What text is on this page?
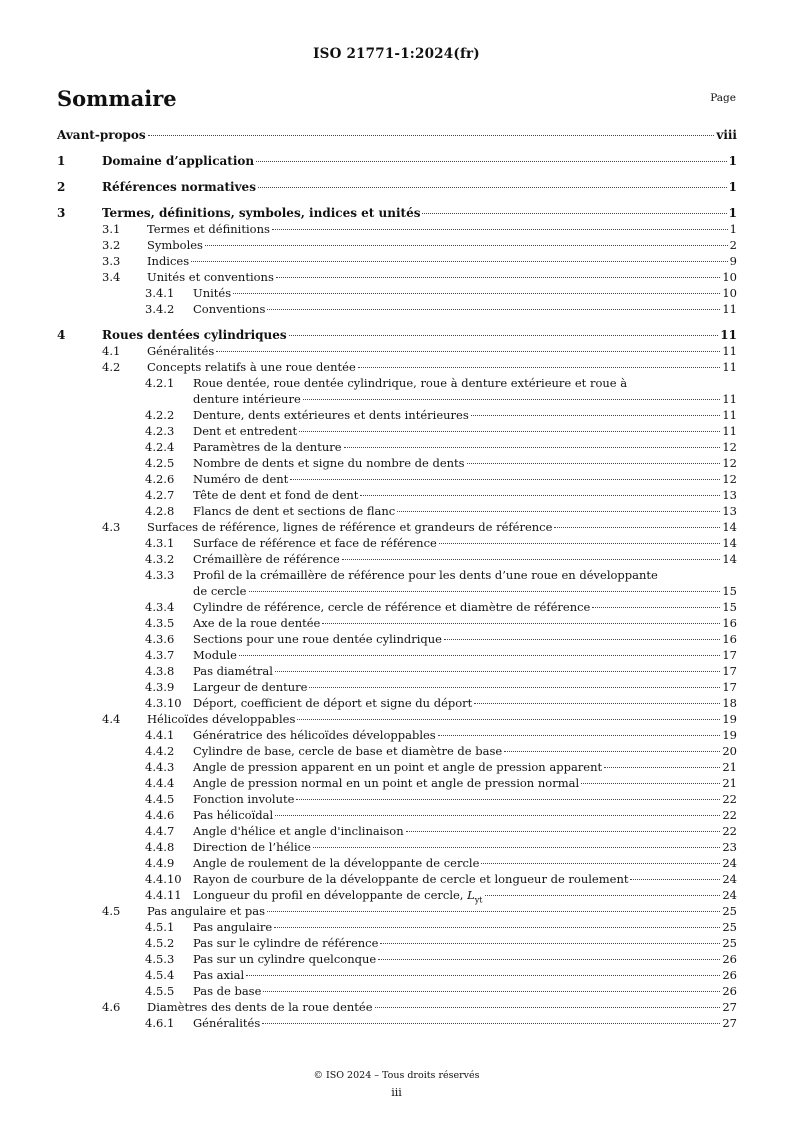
ISO 21771-1:2024(fr)
Sommaire	Page
Avant-propos	viii
1	Domaine d’application	1
2	Références normatives	1
3	Termes, définitions, symboles, indices et unités	1
3.1 Termes et définitions	1
3.2 Symboles	2
3.3 Indices	9
3.4 Unités et conventions	10
3.4.1 Unités	10
3.4.2 Conventions	11
4	Roues dentées cylindriques	11
4.1 Généralités	11
4.2 Concepts relatifs à une roue dentée	11
4.2.1 Roue dentée, roue dentée cylindrique, roue à denture extérieure et roue à
denture intérieure	11
4.2.2 Denture, dents extérieures et dents intérieures	11
4.2.3 Dent et entredent	11
4.2.4 Paramètres de la denture	12
4.2.5 Nombre de dents et signe du nombre de dents	12
4.2.6 Numéro de dent	12
4.2.7 Tête de dent et fond de dent	13
4.2.8 Flancs de dent et sections de flanc	13
4.3 Surfaces de référence, lignes de référence et grandeurs de référence	14
4.3.1 Surface de référence et face de référence	14
4.3.2 Crémaillère de référence	14
4.3.3 Profil de la crémaillère de référence pour les dents d’une roue en développante
de cercle	15
4.3.4 Cylindre de référence, cercle de référence et diamètre de référence	15
4.3.5 Axe de la roue dentée	16
4.3.6 Sections pour une roue dentée cylindrique	16
4.3.7 Module	17
4.3.8 Pas diamétral	17
4.3.9 Largeur de denture	17
4.3.10 Déport, coefficient de déport et signe du déport	18
4.4 Hélicoïdes développables	19
4.4.1 Génératrice des hélicoïdes développables	19
4.4.2 Cylindre de base, cercle de base et diamètre de base	20
4.4.3 Angle de pression apparent en un point et angle de pression apparent	21
4.4.4 Angle de pression normal en un point et angle de pression normal	21
4.4.5 Fonction involute	22
4.4.6 Pas hélicoïdal	22
4.4.7 Angle d'hélice et angle d'inclinaison	22
4.4.8 Direction de l’hélice	23
4.4.9 Angle de roulement de la développante de cercle	24
4.4.10 Rayon de courbure de la développante de cercle et longueur de roulement	24
4.4.11 Longueur du profil en développante de cercle, $L_{yt}$	24
4.5 Pas angulaire et pas	25
4.5.1 Pas angulaire	25
4.5.2 Pas sur le cylindre de référence	25
4.5.3 Pas sur un cylindre quelconque	26
4.5.4 Pas axial	26
4.5.5 Pas de base	26
4.6 Diamètres des dents de la roue dentée	27
4.6.1 Généralités	27
© ISO 2024 – Tous droits réservés
iii
